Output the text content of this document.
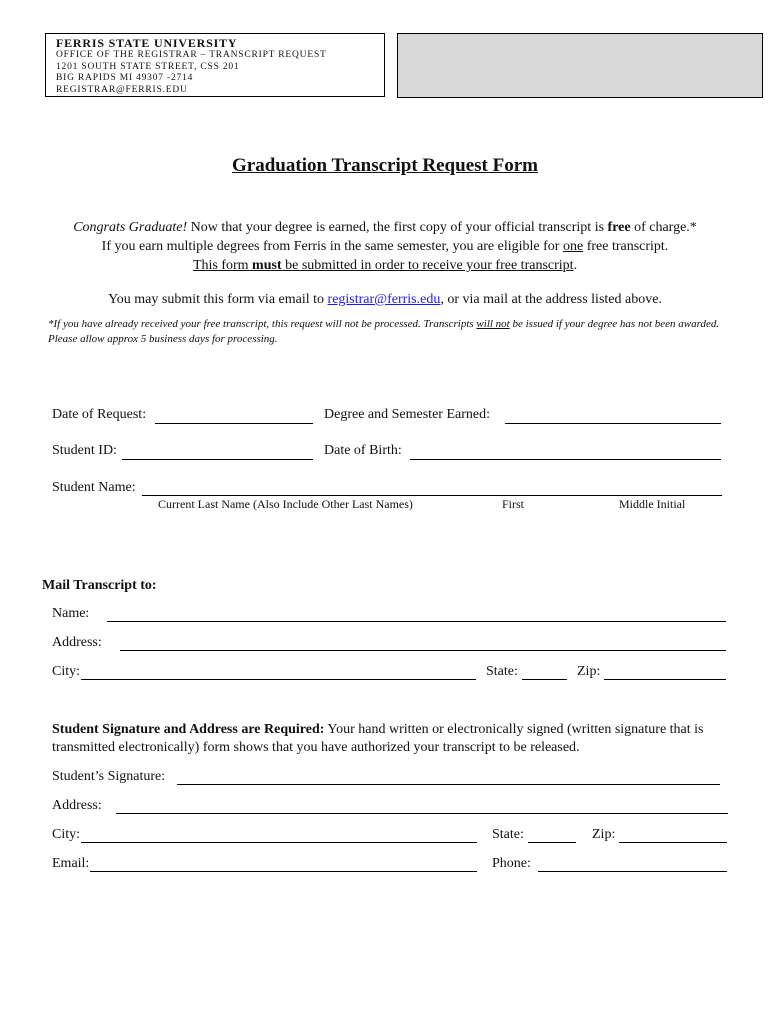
FERRIS STATE UNIVERSITY
OFFICE OF THE REGISTRAR – TRANSCRIPT REQUEST
1201 SOUTH STATE STREET, CSS 201
BIG RAPIDS MI 49307 -2714
REGISTRAR@FERRIS.EDU
Graduation Transcript Request Form
Congrats Graduate! Now that your degree is earned, the first copy of your official transcript is free of charge.*
If you earn multiple degrees from Ferris in the same semester, you are eligible for one free transcript.
This form must be submitted in order to receive your free transcript.
You may submit this form via email to registrar@ferris.edu, or via mail at the address listed above.
*If you have already received your free transcript, this request will not be processed. Transcripts will not be issued if your degree has not been awarded. Please allow approx 5 business days for processing.
Date of Request:	Degree and Semester Earned:
Student ID:	Date of Birth:
Student Name:
Current Last Name (Also Include Other Last Names)	First	Middle Initial
Mail Transcript to:
Name:
Address:
City:	State:	Zip:
Student Signature and Address are Required: Your hand written or electronically signed (written signature that is
transmitted electronically) form shows that you have authorized your transcript to be released.
Student’s Signature:
Address:
City:	State:	Zip:
Email:	Phone:
